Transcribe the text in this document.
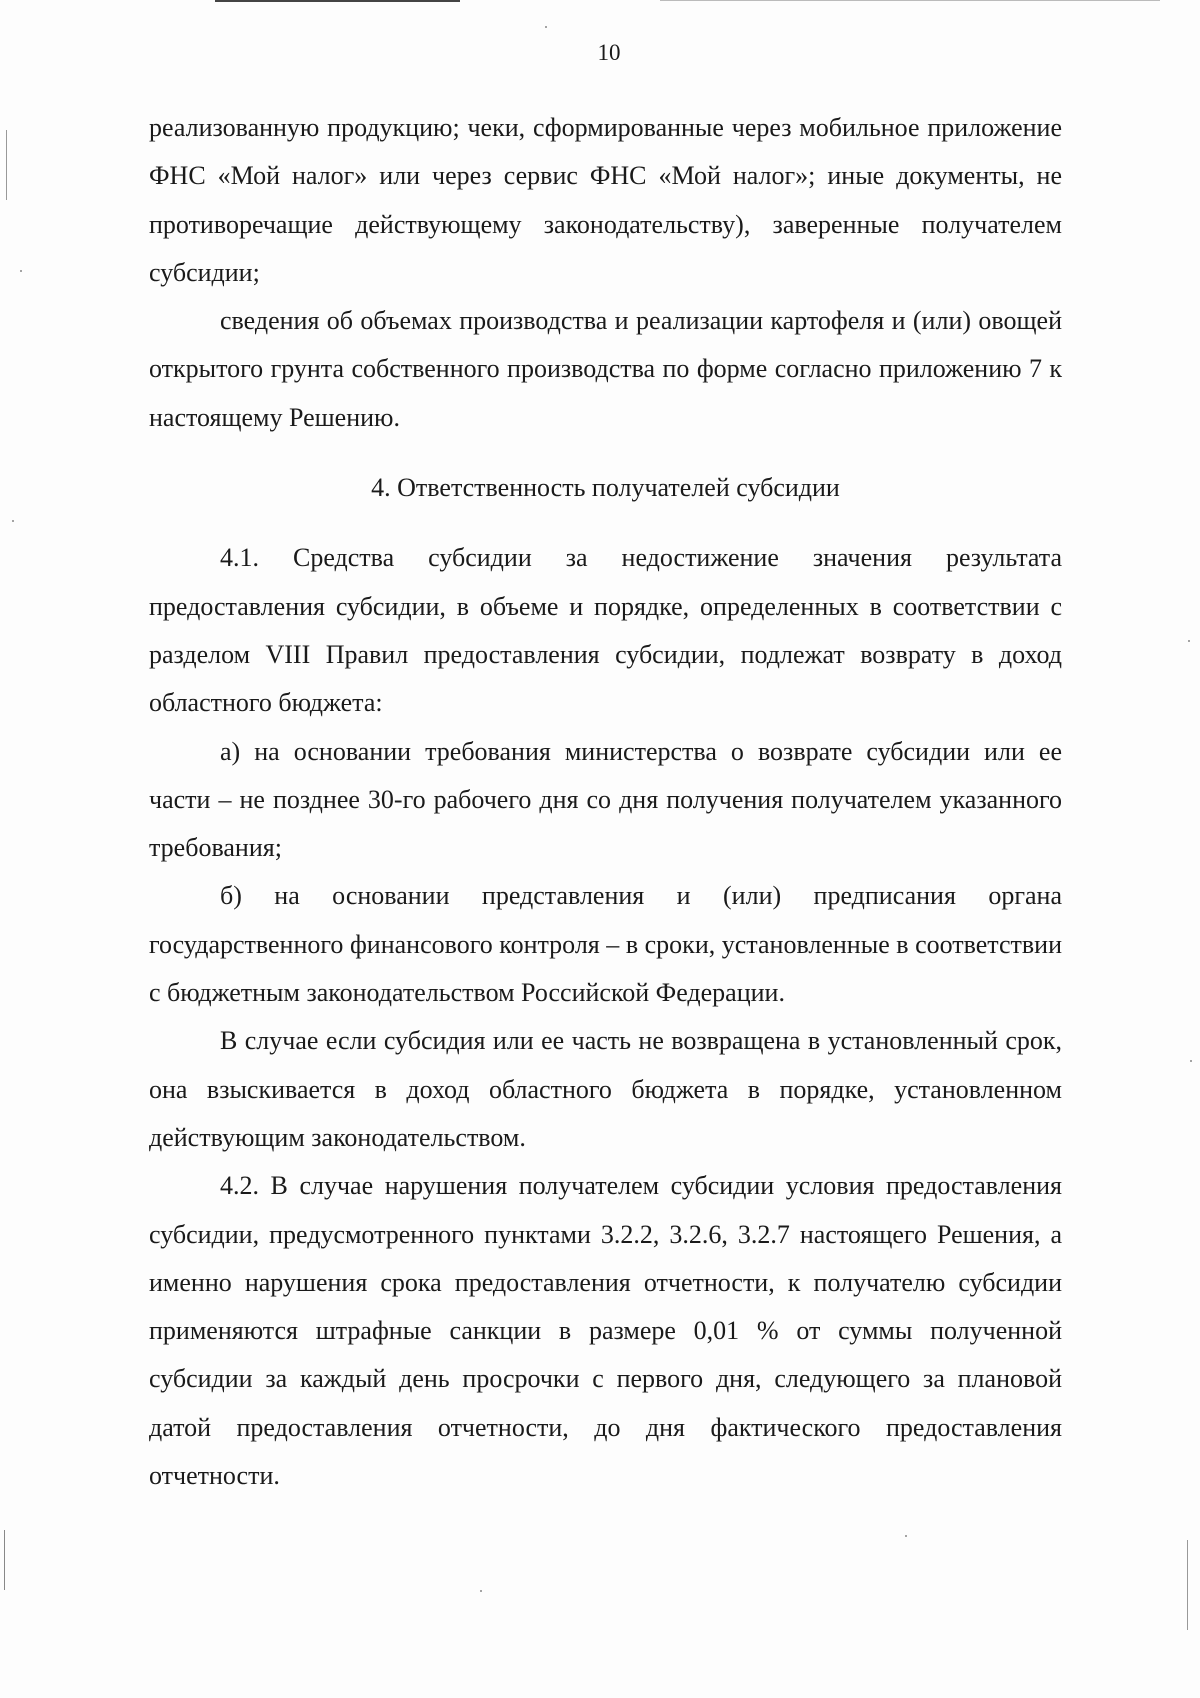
10

реализованную продукцию; чеки, сформированные через мобильное приложение ФНС «Мой налог» или через сервис ФНС «Мой налог»; иные документы, не противоречащие действующему законодательству), заверенные получателем субсидии;

сведения об объемах производства и реализации картофеля и (или) овощей открытого грунта собственного производства по форме согласно приложению 7 к настоящему Решению.

4. Ответственность получателей субсидии

4.1. Средства субсидии за недостижение значения результата предоставления субсидии, в объеме и порядке, определенных в соответствии с разделом VIII Правил предоставления субсидии, подлежат возврату в доход областного бюджета:

а) на основании требования министерства о возврате субсидии или ее части – не позднее 30-го рабочего дня со дня получения получателем указанного требования;

б) на основании представления и (или) предписания органа государственного финансового контроля – в сроки, установленные в соответствии с бюджетным законодательством Российской Федерации.

В случае если субсидия или ее часть не возвращена в установленный срок, она взыскивается в доход областного бюджета в порядке, установленном действующим законодательством.

4.2. В случае нарушения получателем субсидии условия предоставления субсидии, предусмотренного пунктами 3.2.2, 3.2.6, 3.2.7 настоящего Решения, а именно нарушения срока предоставления отчетности, к получателю субсидии применяются штрафные санкции в размере 0,01 % от суммы полученной субсидии за каждый день просрочки с первого дня, следующего за плановой датой предоставления отчетности, до дня фактического предоставления отчетности.
